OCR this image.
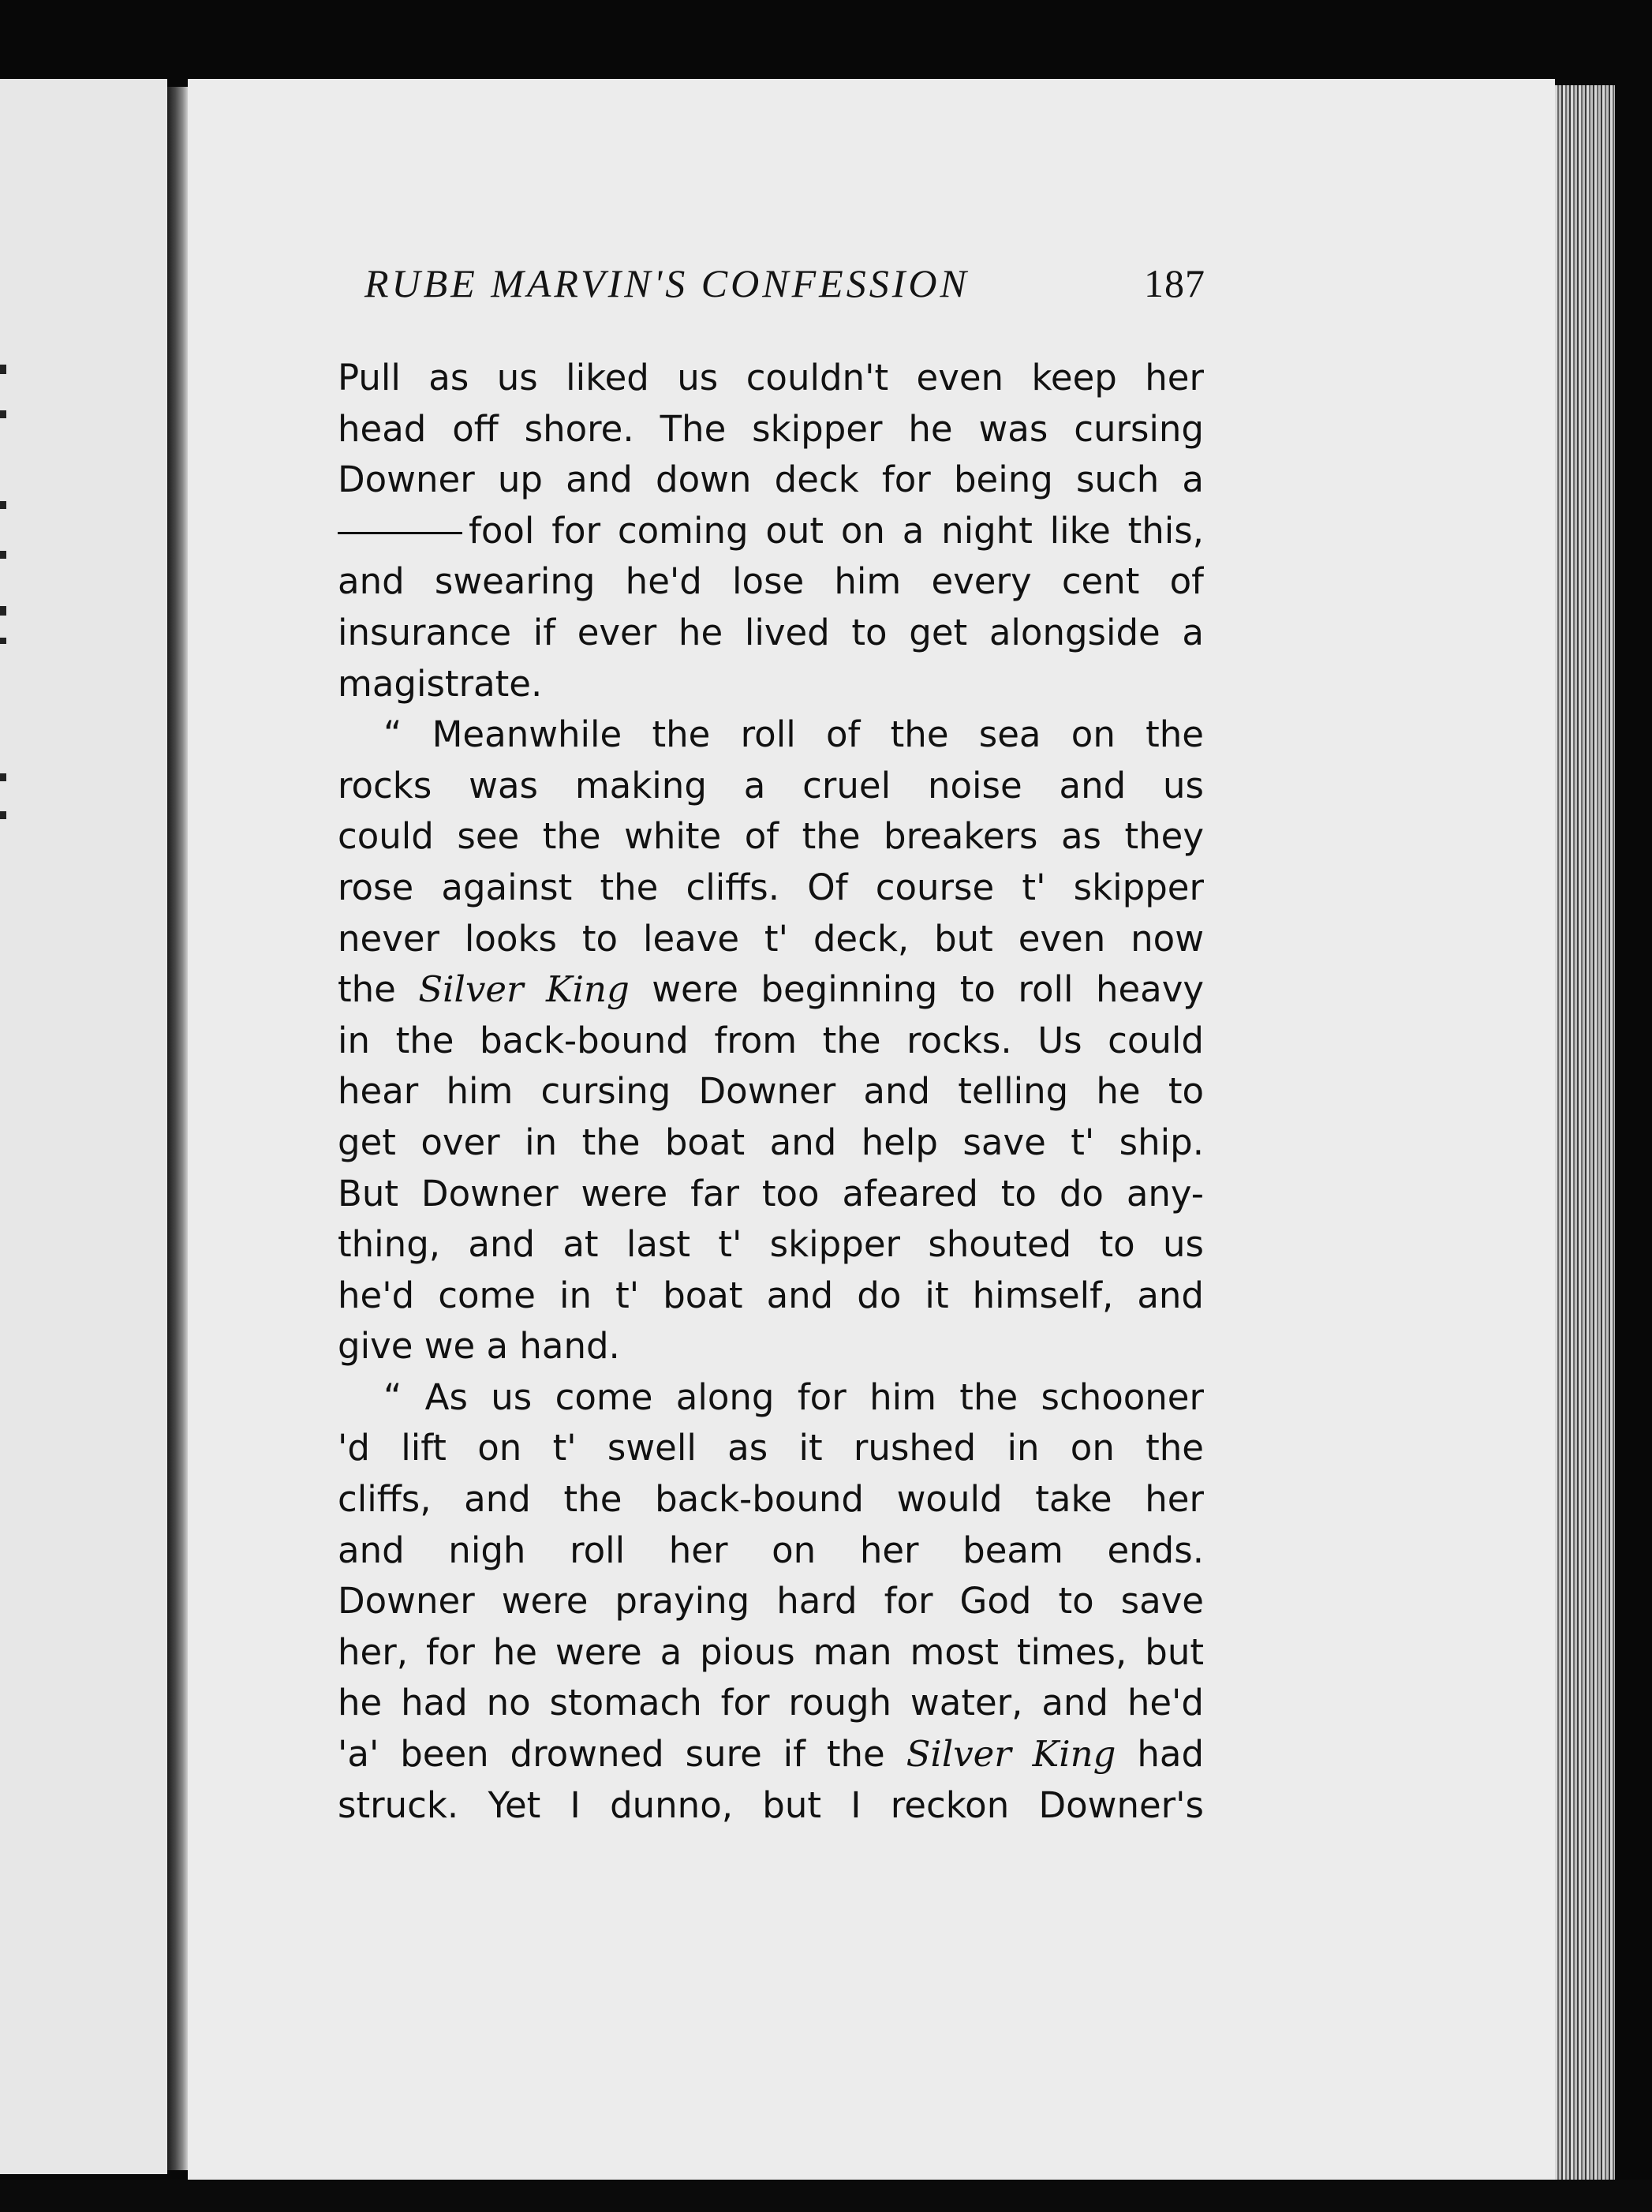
RUBE MARVIN'S CONFESSION	187
Pull as us liked us couldn't even keep her
head off shore. The skipper he was cursing
Downer up and down deck for being such a
fool for coming out on a night like this,
and swearing he'd lose him every cent of
insurance if ever he lived to get alongside a
magistrate.
“ Meanwhile the roll of the sea on the
rocks was making a cruel noise and us
could see the white of the breakers as they
rose against the cliffs. Of course t' skipper
never looks to leave t' deck, but even now
the Silver King were beginning to roll heavy
in the back-bound from the rocks. Us could
hear him cursing Downer and telling he to
get over in the boat and help save t' ship.
But Downer were far too afeared to do any-
thing, and at last t' skipper shouted to us
he'd come in t' boat and do it himself, and
give we a hand.
“ As us come along for him the schooner
'd lift on t' swell as it rushed in on the
cliffs, and the back-bound would take her
and nigh roll her on her beam ends.
Downer were praying hard for God to save
her, for he were a pious man most times, but
he had no stomach for rough water, and he'd
'a' been drowned sure if the Silver King had
struck. Yet I dunno, but I reckon Downer's
